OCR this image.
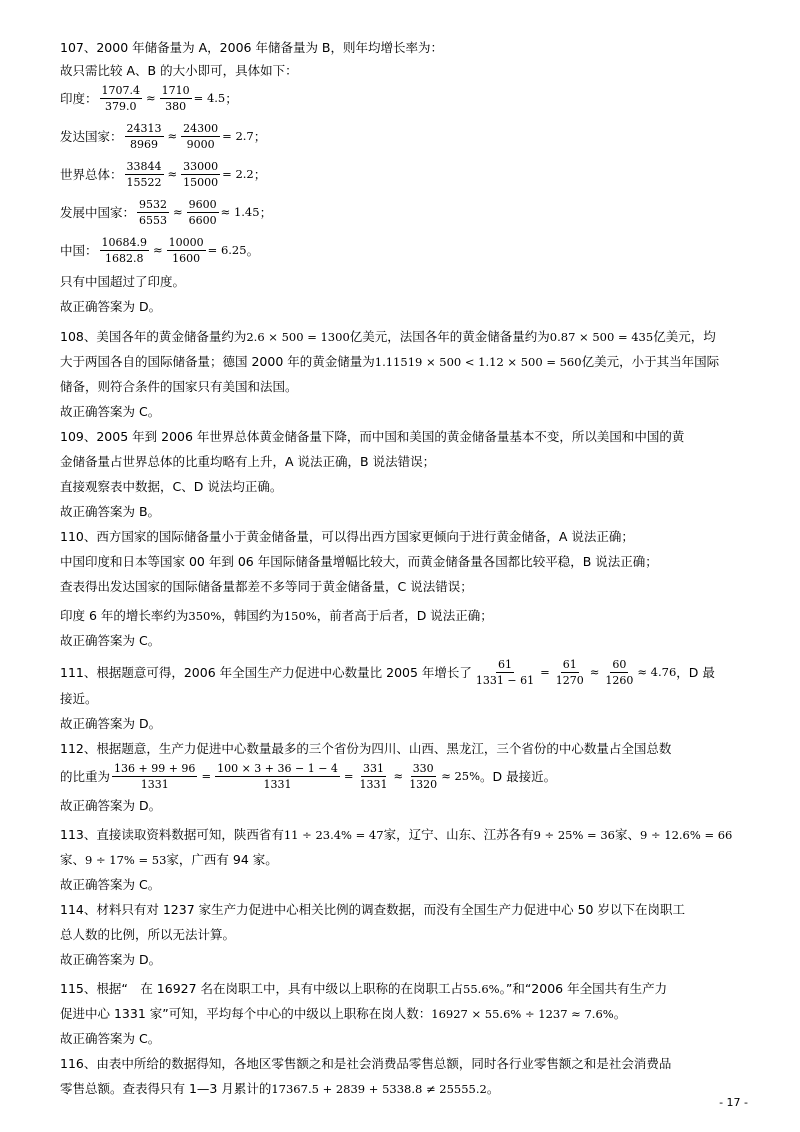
107、2000 年储备量为 A，2006 年储备量为 B，则年均增长率为：

故只需比较 A、B 的大小即可，具体如下：

印度： $\frac{1707.4}{379.0} \approx \frac{1710}{380} = 4.5$ ；
发达国家： $\frac{24313}{8969} \approx \frac{24300}{9000} = 2.7$ ；
世界总体： $\frac{33844}{15522} \approx \frac{33000}{15000} = 2.2$ ；
发展中国家： $\frac{9532}{6553} \approx \frac{9600}{6600} \approx 1.45$ ；
中国： $\frac{10684.9}{1682.8} \approx \frac{10000}{1600} = 6.25$ 。

只有中国超过了印度。

故正确答案为 D。

108、美国各年的黄金储备量约为2.6 × 500 = 1300亿美元，法国各年的黄金储备量约为0.87 × 500 = 435亿美元，均

大于两国各自的国际储备量；德国 2000 年的黄金储量为1.11519 × 500 < 1.12 × 500 = 560亿美元，小于其当年国际

储备，则符合条件的国家只有美国和法国。

故正确答案为 C。

109、2005 年到 2006 年世界总体黄金储备量下降，而中国和美国的黄金储备量基本不变，所以美国和中国的黄

金储备量占世界总体的比重均略有上升，A 说法正确，B 说法错误；

直接观察表中数据，C、D 说法均正确。

故正确答案为 B。

110、西方国家的国际储备量小于黄金储备量，可以得出西方国家更倾向于进行黄金储备，A 说法正确；

中国印度和日本等国家 00 年到 06 年国际储备量增幅比较大，而黄金储备量各国都比较平稳，B 说法正确；

查表得出发达国家的国际储备量都差不多等同于黄金储备量，C 说法错误；

印度 6 年的增长率约为350%，韩国约为150%，前者高于后者，D 说法正确；

故正确答案为 C。

111、根据题意可得，2006 年全国生产力促进中心数量比 2005 年增长了 $\frac{61}{1331 - 61} = \frac{61}{1270} \approx \frac{60}{1260} \approx 4.76$ ，D 最

接近。

故正确答案为 D。

112、根据题意，生产力促进中心数量最多的三个省份为四川、山西、黑龙江，三个省份的中心数量占全国总数

的比重为 $\frac{136 + 99 + 96}{1331} = \frac{100 \times 3 + 36 - 1 - 4}{1331} = \frac{331}{1331} \approx \frac{330}{1320} \approx 25\%$ 。D 最接近。

故正确答案为 D。

113、直接读取资料数据可知，陕西省有11 ÷ 23.4% = 47家，辽宁、山东、江苏各有9 ÷ 25% = 36家、9 ÷ 12.6% = 66

家、9 ÷ 17% = 53家，广西有 94 家。

故正确答案为 C。

114、材料只有对 1237 家生产力促进中心相关比例的调查数据，而没有全国生产力促进中心 50 岁以下在岗职工

总人数的比例，所以无法计算。

故正确答案为 D。

115、根据“　在 16927 名在岗职工中，具有中级以上职称的在岗职工占55.6%。”和“2006 年全国共有生产力

促进中心 1331 家”可知，平均每个中心的中级以上职称在岗人数：16927 × 55.6% ÷ 1237 ≈ 7.6%。

故正确答案为 C。

116、由表中所给的数据得知，各地区零售额之和是社会消费品零售总额，同时各行业零售额之和是社会消费品

零售总额。查表得只有 1—3 月累计的17367.5 + 2839 + 5338.8 ≠ 25555.2。

- 17 -
